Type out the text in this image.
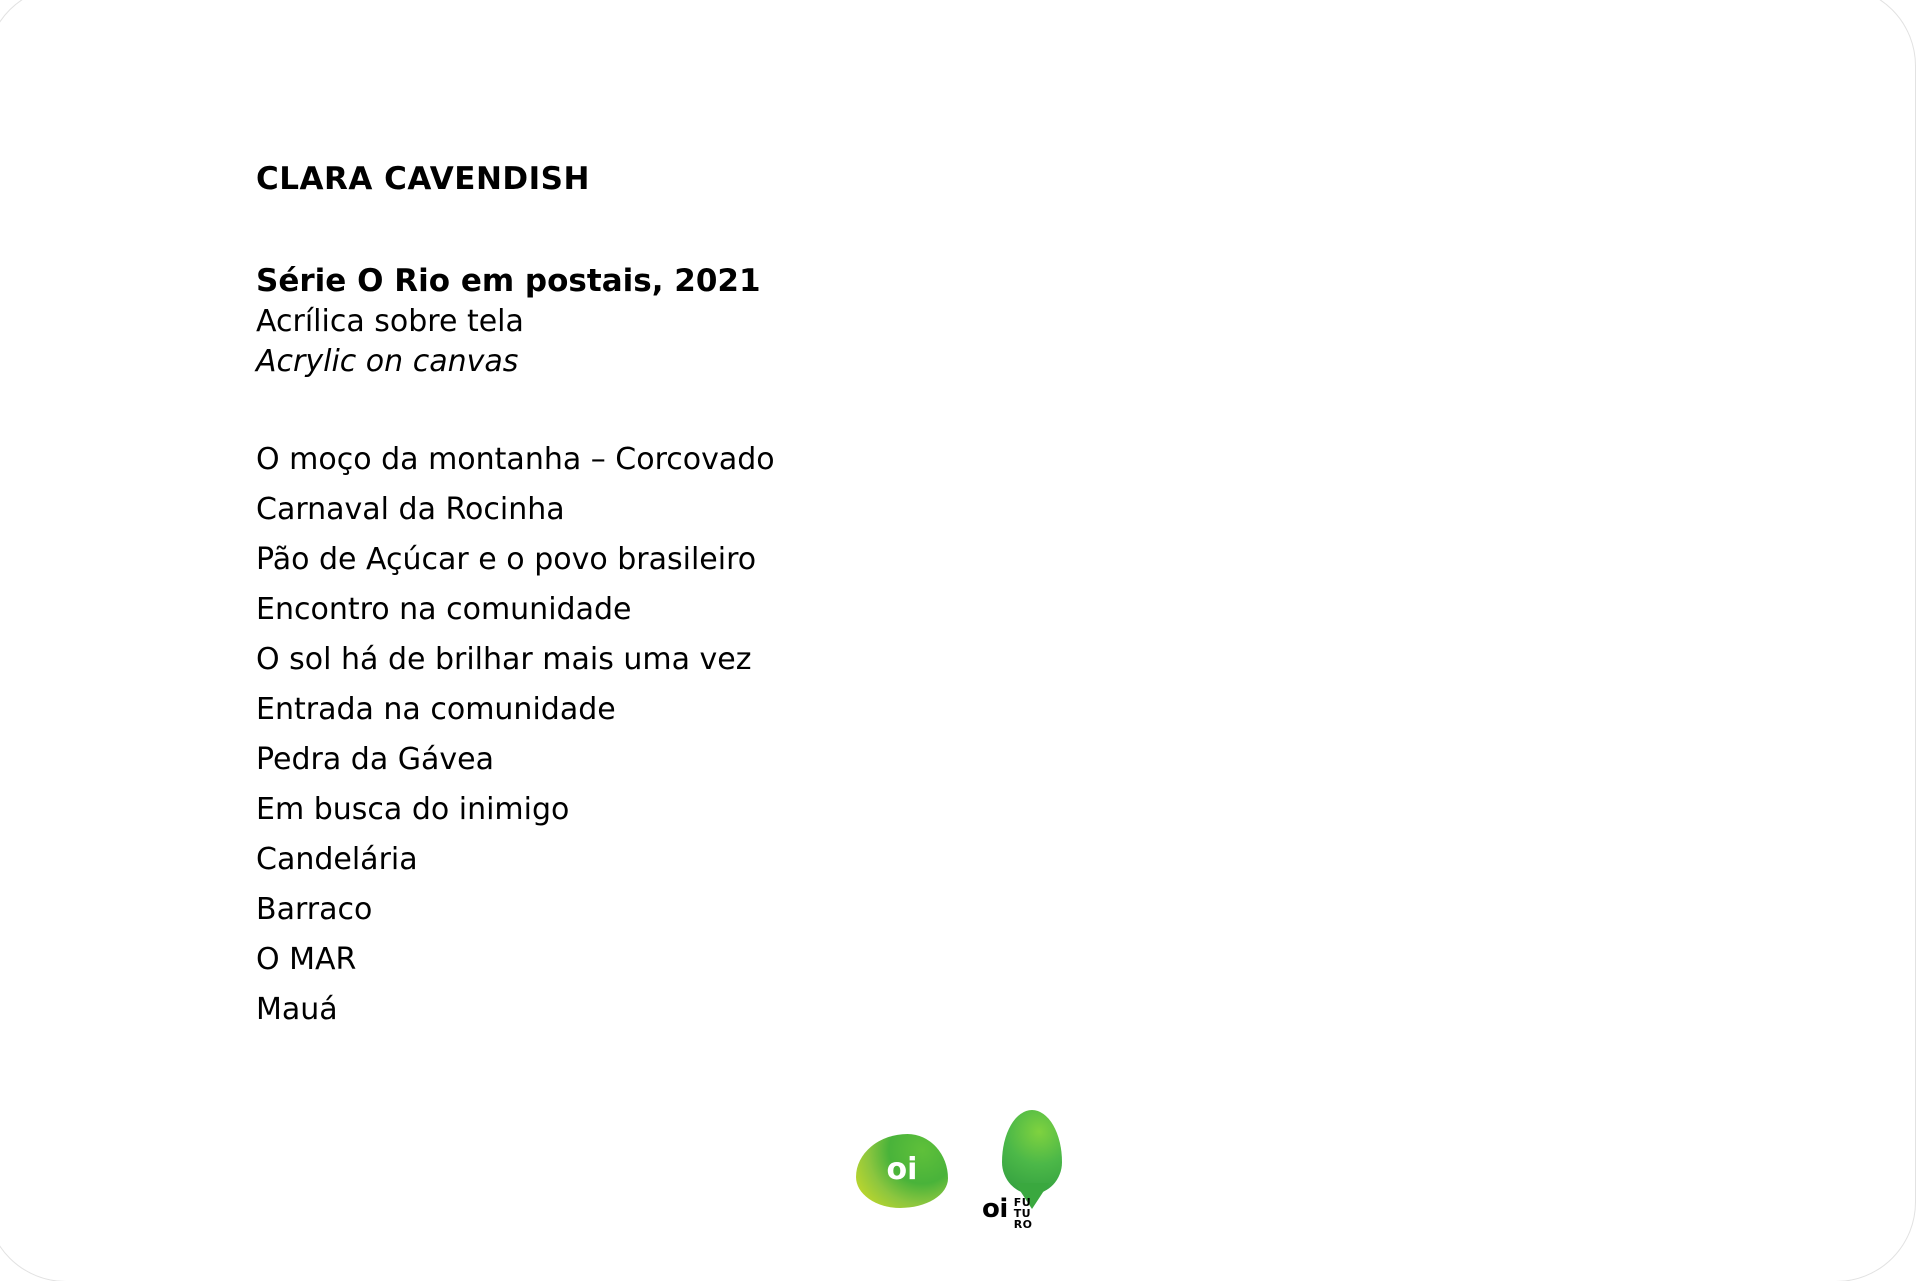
CLARA CAVENDISH

Série O Rio em postais, 2021

Acrílica sobre tela

Acrylic on canvas

O moço da montanha – Corcovado
Carnaval da Rocinha
Pão de Açúcar e o povo brasileiro
Encontro na comunidade
O sol há de brilhar mais uma vez
Entrada na comunidade
Pedra da Gávea
Em busca do inimigo
Candelária
Barraco
O MAR
Mauá
oi
oi FU
TU
RO
